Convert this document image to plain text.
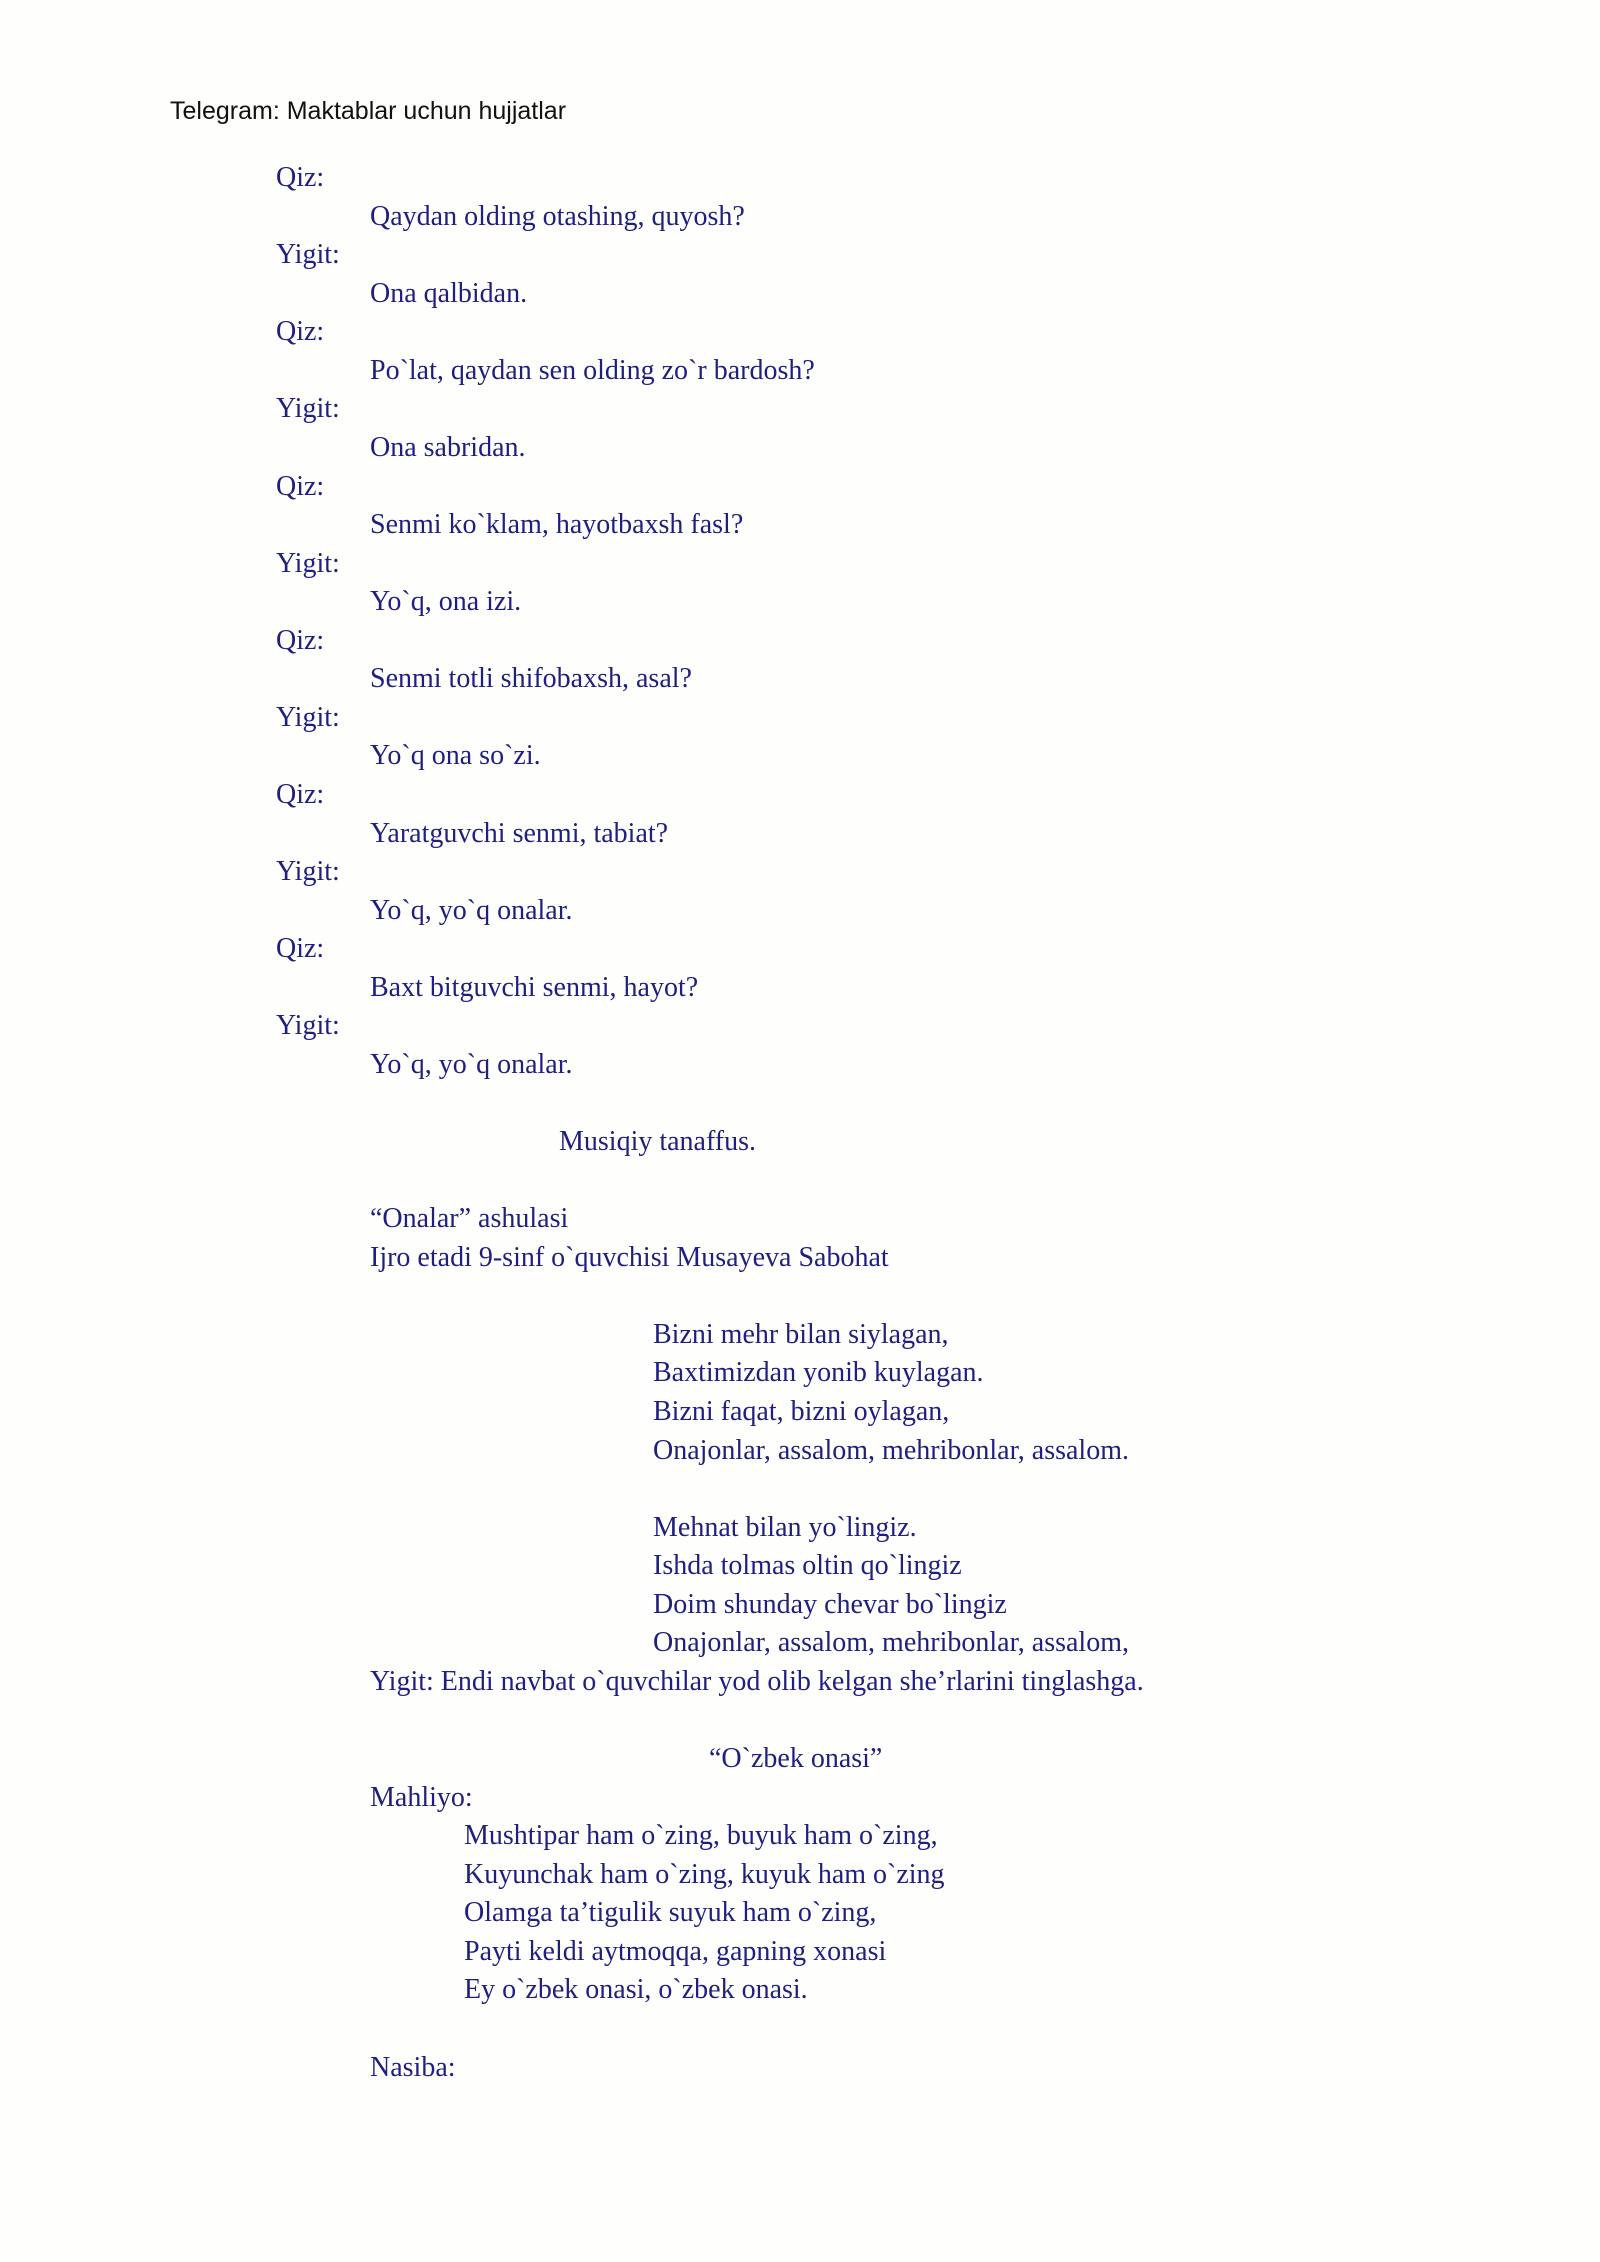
Telegram: Maktablar uchun hujjatlar
Qiz:
Qaydan olding otashing, quyosh?
Yigit:
Ona qalbidan.
Qiz:
Po`lat, qaydan sen olding zo`r bardosh?
Yigit:
Ona sabridan.
Qiz:
Senmi ko`klam, hayotbaxsh fasl?
Yigit:
Yo`q, ona izi.
Qiz:
Senmi totli shifobaxsh, asal?
Yigit:
Yo`q ona so`zi.
Qiz:
Yaratguvchi senmi, tabiat?
Yigit:
Yo`q, yo`q onalar.
Qiz:
Baxt bitguvchi senmi, hayot?
Yigit:
Yo`q, yo`q onalar.
Musiqiy tanaffus.
“Onalar” ashulasi
Ijro etadi 9-sinf o`quvchisi Musayeva Sabohat
Bizni mehr bilan siylagan,
Baxtimizdan yonib kuylagan.
Bizni faqat, bizni oylagan,
Onajonlar, assalom, mehribonlar, assalom.
Mehnat bilan yo`lingiz.
Ishda tolmas oltin qo`lingiz
Doim shunday chevar bo`lingiz
Onajonlar, assalom, mehribonlar, assalom,
Yigit: Endi navbat o`quvchilar yod olib kelgan she’rlarini tinglashga.
“O`zbek onasi”
Mahliyo:
Mushtipar ham o`zing, buyuk ham o`zing,
Kuyunchak ham o`zing, kuyuk ham o`zing
Olamga ta’tigulik suyuk ham o`zing,
Payti keldi aytmoqqa, gapning xonasi
Ey o`zbek onasi, o`zbek onasi.
Nasiba:
